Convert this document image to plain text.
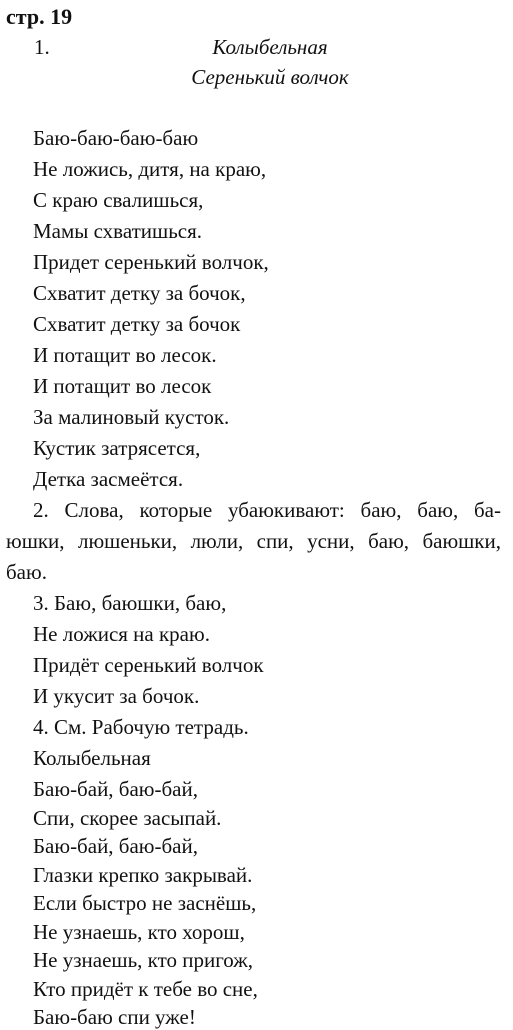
стр. 19
1.	Колыбельная
Серенький волчок
Баю-баю-баю-баю
Не ложись, дитя, на краю,
С краю свалишься,
Мамы схватишься.
Придет серенький волчок,
Схватит детку за бочок,
Схватит детку за бочок
И потащит во лесок.
И потащит во лесок
За малиновый кусток.
Кустик затрясется,
Детка засмеётся.
2. Слова, которые убаюкивают: баю, баю, ба-
юшки, люшеньки, люли, спи, усни, баю, баюшки,
баю.
3. Баю, баюшки, баю,
Не ложися на краю.
Придёт серенький волчок
И укусит за бочок.
4. См. Рабочую тетрадь.
Колыбельная
Баю-бай, баю-бай,
Спи, скорее засыпай.
Баю-бай, баю-бай,
Глазки крепко закрывай.
Если быстро не заснёшь,
Не узнаешь, кто хорош,
Не узнаешь, кто пригож,
Кто придёт к тебе во сне,
Баю-баю спи уже!
